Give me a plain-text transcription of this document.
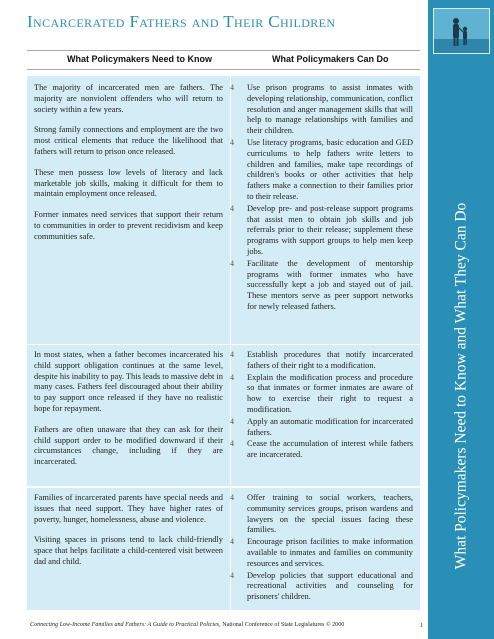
Incarcerated Fathers and Their Children
What Policymakers Need to Know	What Policymakers Can Do

The majority of incarcerated men are fathers. The majority are nonviolent offenders who will return to society within a few years.

Strong family connections and employment are the two most critical elements that reduce the likelihood that fathers will return to prison once released.

These men possess low levels of literacy and lack marketable job skills, making it difficult for them to maintain employment once released.

Former inmates need services that support their return to communities in order to prevent recidivism and keep communities safe.

4 Use prison programs to assist inmates with developing relationship, communication, conflict resolution and anger management skills that will help to manage relationships with families and their children.
4 Use literacy programs, basic education and GED curriculums to help fathers write letters to children and families, make tape recordings of children's books or other activities that help fathers make a connection to their families prior to their release.
4 Develop pre- and post-release support programs that assist men to obtain job skills and job referrals prior to their release; supplement these programs with support groups to help men keep jobs.
4 Facilitate the development of mentorship programs with former inmates who have successfully kept a job and stayed out of jail. These mentors serve as peer support networks for newly released fathers.

In most states, when a father becomes incarcerated his child support obligation continues at the same level, despite his inability to pay. This leads to massive debt in many cases. Fathers feel discouraged about their ability to pay support once released if they have no realistic hope for repayment.

Fathers are often unaware that they can ask for their child support order to be modified downward if their circumstances change, including if they are incarcerated.

4 Establish procedures that notify incarcerated fathers of their right to a modification.
4 Explain the modification process and procedure so that inmates or former inmates are aware of how to exercise their right to request a modification.
4 Apply an automatic modification for incarcerated fathers.
4 Cease the accumulation of interest while fathers are incarcerated.

Families of incarcerated parents have special needs and issues that need support. They have higher rates of poverty, hunger, homelessness, abuse and violence.

Visiting spaces in prisons tend to lack child-friendly space that helps facilitate a child-centered visit between dad and child.

4 Offer training to social workers, teachers, community services groups, prison wardens and lawyers on the special issues facing these families.
4 Encourage prison facilities to make information available to inmates and families on community resources and services.
4 Develop policies that support educational and recreational activities and counseling for prisoners' children.
What Policymakers Need to Know and What They Can Do
Connecting Low-Income Families and Fathers: A Guide to Practical Policies, National Conference of State Legislatures © 2000	1
